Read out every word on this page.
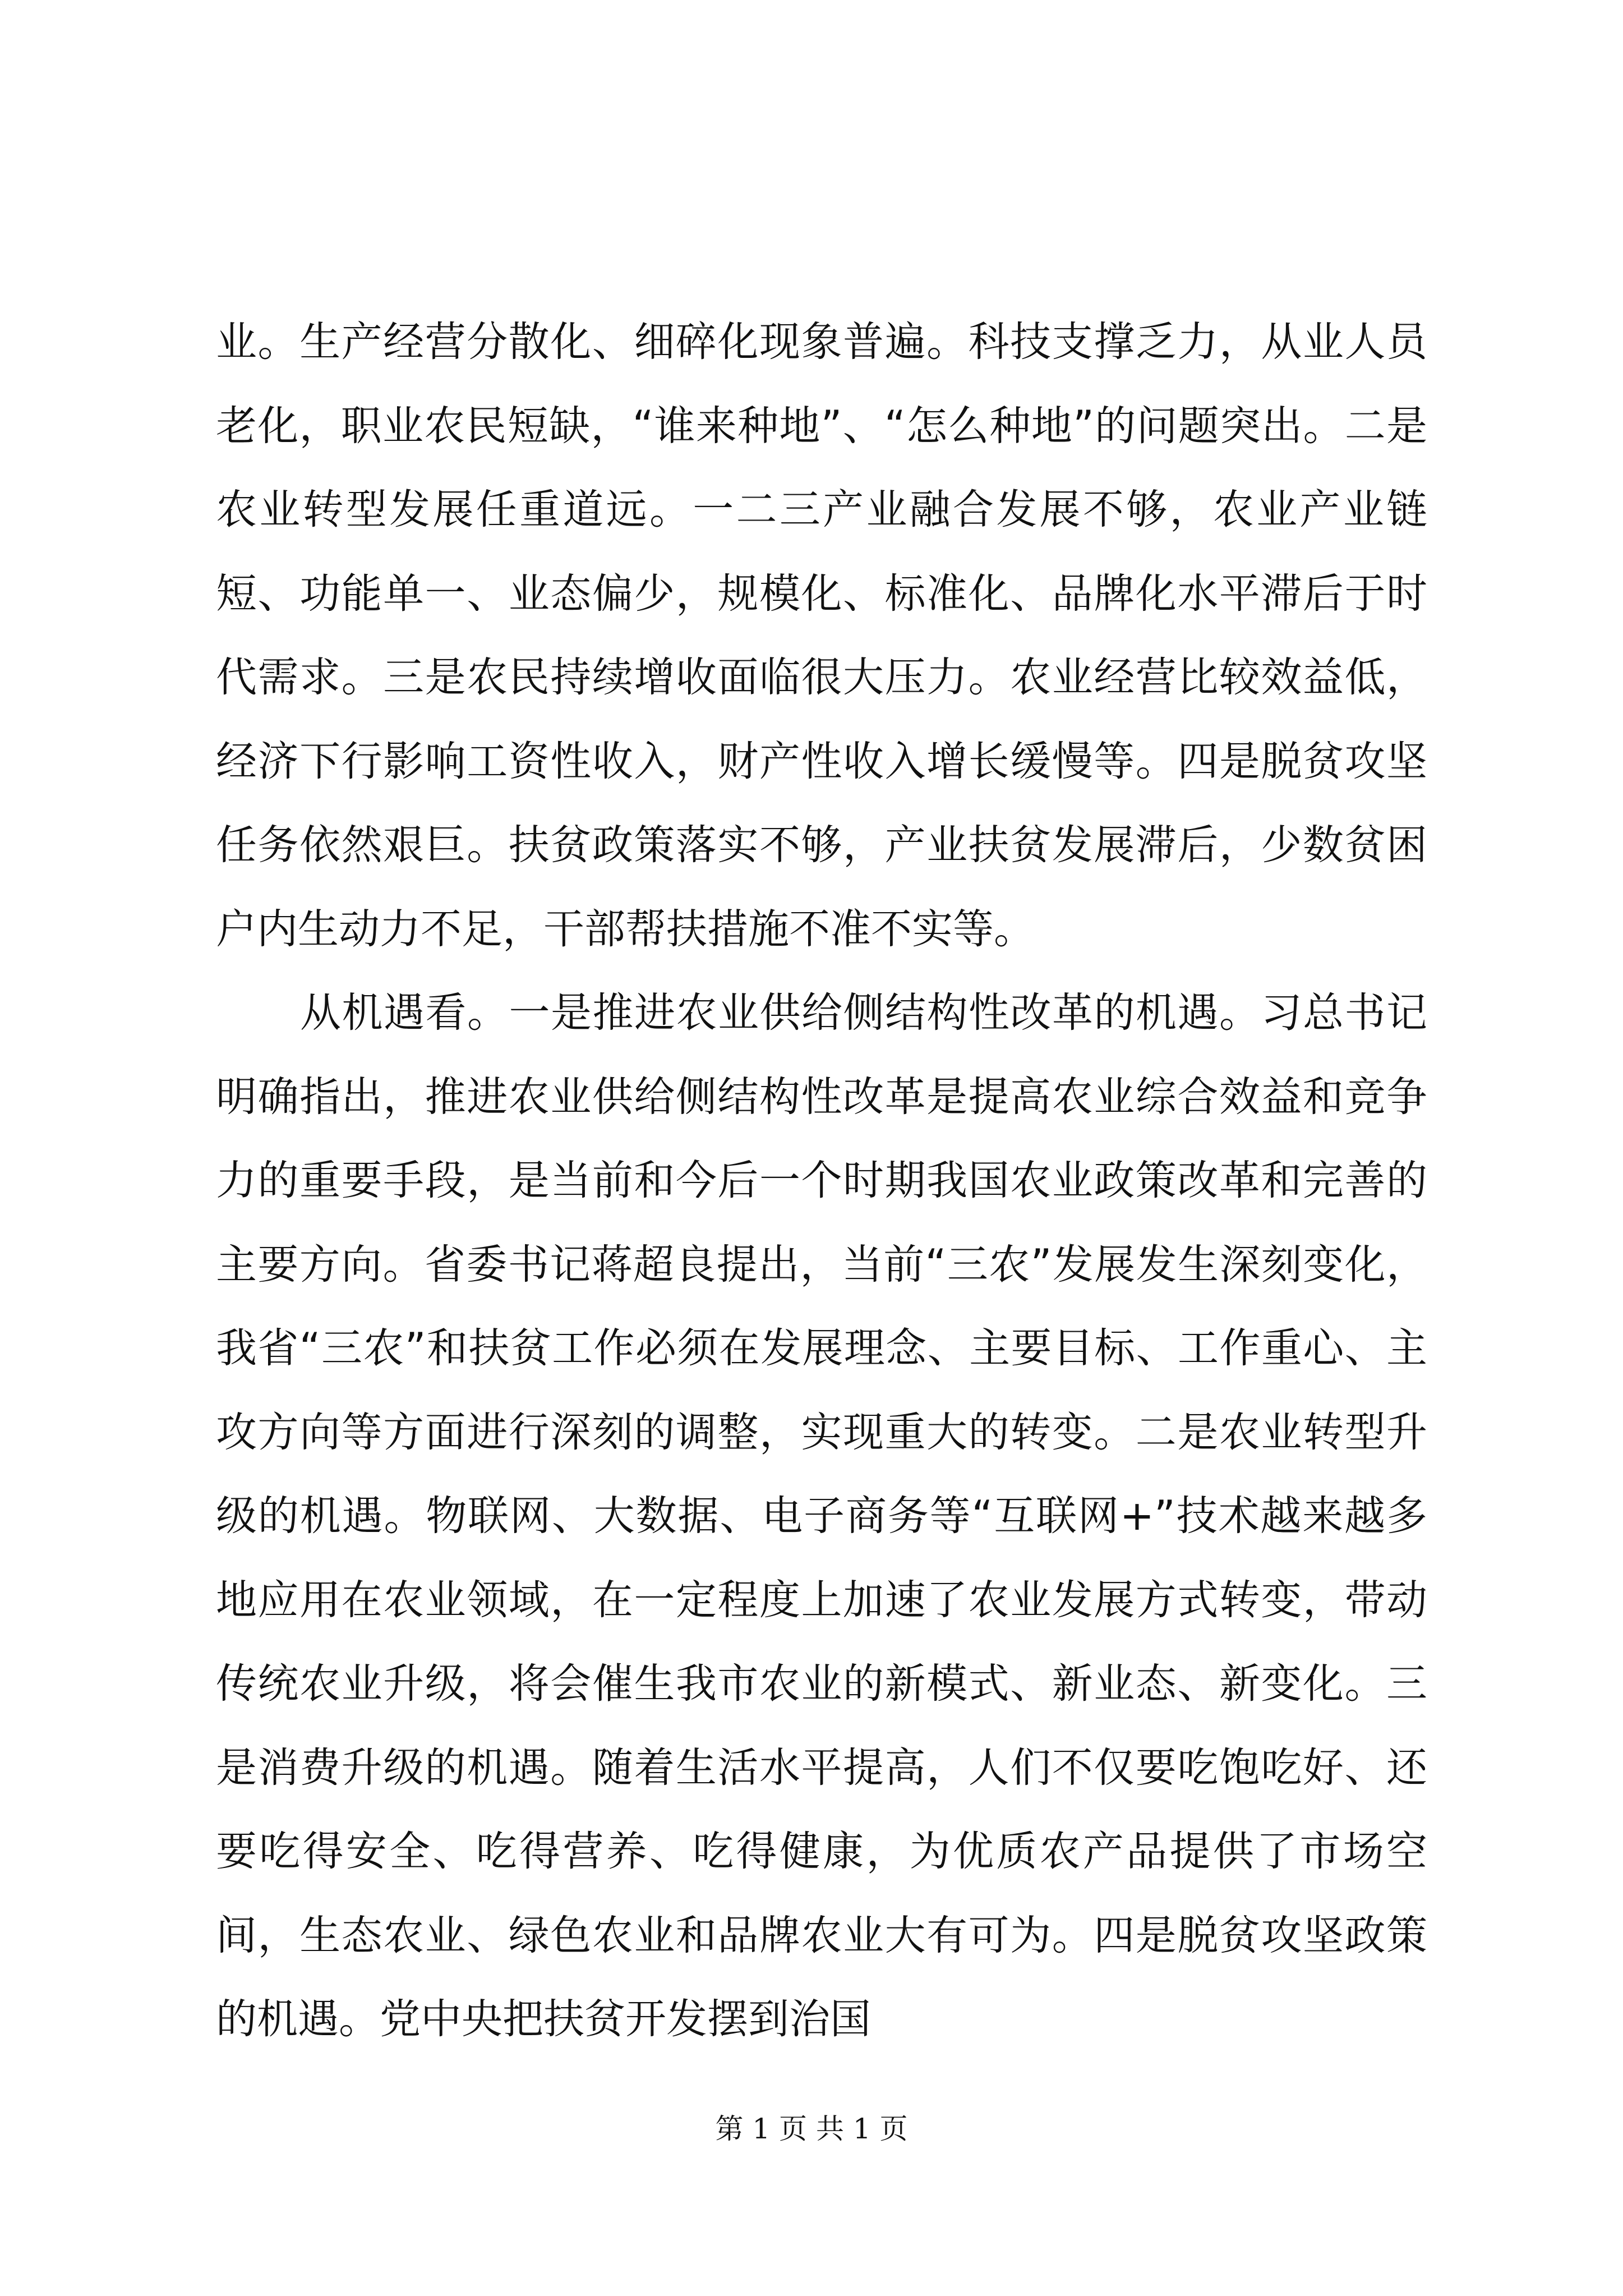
业。生产经营分散化、细碎化现象普遍。科技支撑乏力，从业人员老化，职业农民短缺，“谁来种地”、“怎么种地”的问题突出。二是农业转型发展任重道远。一二三产业融合发展不够，农业产业链短、功能单一、业态偏少，规模化、标准化、品牌化水平滞后于时代需求。三是农民持续增收面临很大压力。农业经营比较效益低，经济下行影响工资性收入，财产性收入增长缓慢等。四是脱贫攻坚任务依然艰巨。扶贫政策落实不够，产业扶贫发展滞后，少数贫困户内生动力不足，干部帮扶措施不准不实等。

从机遇看。一是推进农业供给侧结构性改革的机遇。习总书记明确指出，推进农业供给侧结构性改革是提高农业综合效益和竞争力的重要手段，是当前和今后一个时期我国农业政策改革和完善的主要方向。省委书记蒋超良提出，当前“三农”发展发生深刻变化，我省“三农”和扶贫工作必须在发展理念、主要目标、工作重心、主攻方向等方面进行深刻的调整，实现重大的转变。二是农业转型升级的机遇。物联网、大数据、电子商务等“互联网+”技术越来越多地应用在农业领域，在一定程度上加速了农业发展方式转变，带动传统农业升级，将会催生我市农业的新模式、新业态、新变化。三是消费升级的机遇。随着生活水平提高，人们不仅要吃饱吃好、还要吃得安全、吃得营养、吃得健康，为优质农产品提供了市场空间，生态农业、绿色农业和品牌农业大有可为。四是脱贫攻坚政策的机遇。党中央把扶贫开发摆到治国

第 1 页 共 1 页
